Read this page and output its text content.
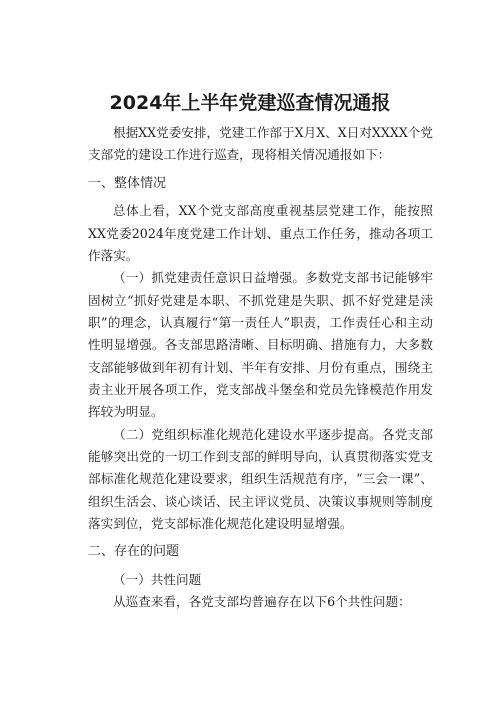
2024年上半年党建巡查情况通报

根据XX党委安排，党建工作部于X月X、X日对XXXX个党支部党的建设工作进行巡查，现将相关情况通报如下：

一、整体情况

总体上看，XX个党支部高度重视基层党建工作，能按照XX党委2024年度党建工作计划、重点工作任务，推动各项工作落实。

（一）抓党建责任意识日益增强。多数党支部书记能够牢固树立“抓好党建是本职、不抓党建是失职、抓不好党建是渎职”的理念，认真履行“第一责任人”职责，工作责任心和主动性明显增强。各支部思路清晰、目标明确、措施有力，大多数支部能够做到年初有计划、半年有安排、月份有重点，围绕主责主业开展各项工作，党支部战斗堡垒和党员先锋模范作用发挥较为明显。

（二）党组织标准化规范化建设水平逐步提高。各党支部能够突出党的一切工作到支部的鲜明导向，认真贯彻落实党支部标准化规范化建设要求，组织生活规范有序，“三会一课”、组织生活会、谈心谈话、民主评议党员、决策议事规则等制度落实到位，党支部标准化规范化建设明显增强。

二、存在的问题

（一）共性问题

从巡查来看，各党支部均普遍存在以下6个共性问题：
